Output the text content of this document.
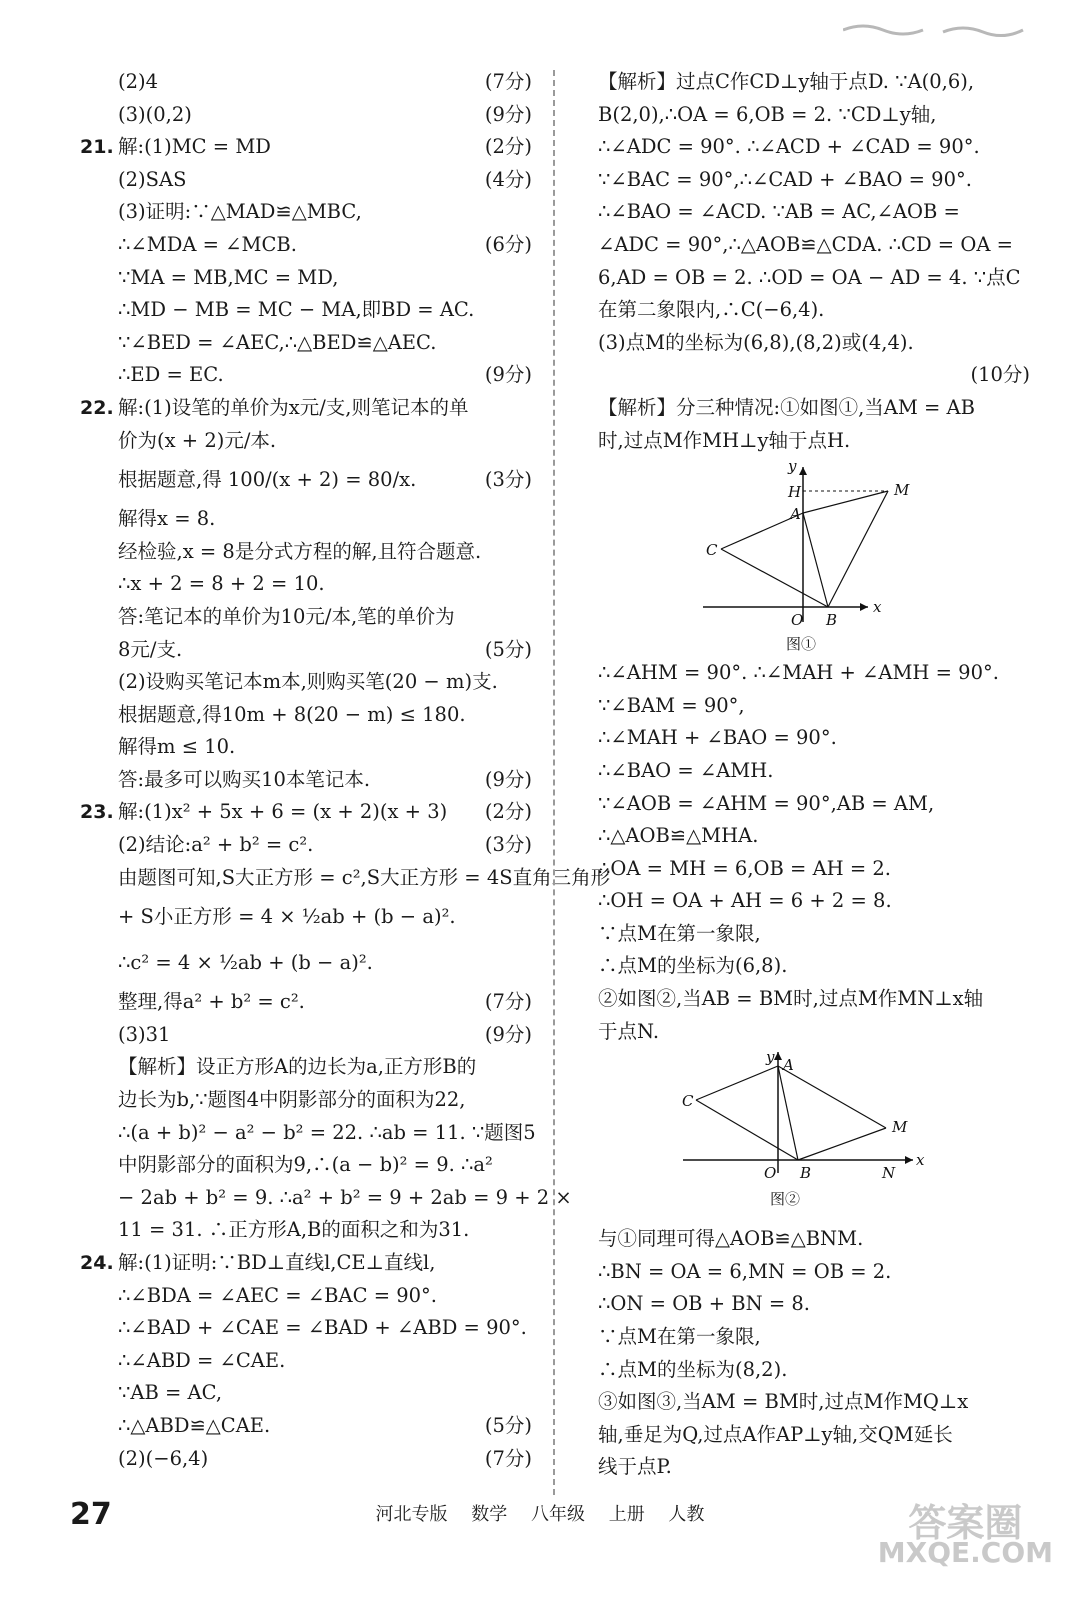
(2)4	(7分)
(3)(0,2)	(9分)
21. 解:(1)MC = MD	(2分)
(2)SAS	(4分)
(3)证明:∵△MAD≌△MBC,
∴∠MDA = ∠MCB.	(6分)
∵MA = MB,MC = MD,
∴MD − MB = MC − MA,即BD = AC.
∵∠BED = ∠AEC,∴△BED≌△AEC.
∴ED = EC.	(9分)
22. 解:(1)设笔的单价为x元/支,则笔记本的单
价为(x + 2)元/本.
根据题意,得 100/(x + 2) = 80/x.	(3分)
解得x = 8.
经检验,x = 8是分式方程的解,且符合题意.
∴x + 2 = 8 + 2 = 10.
答:笔记本的单价为10元/本,笔的单价为
8元/支.	(5分)
(2)设购买笔记本m本,则购买笔(20 − m)支.
根据题意,得10m + 8(20 − m) ≤ 180.
解得m ≤ 10.
答:最多可以购买10本笔记本.	(9分)
23. 解:(1)x² + 5x + 6 = (x + 2)(x + 3) (2分)
(2)结论:a² + b² = c².	(3分)
由题图可知,S大正方形 = c²,S大正方形 = 4S直角三角形
+ S小正方形 = 4 × ½ab + (b − a)².
∴c² = 4 × ½ab + (b − a)².
整理,得a² + b² = c².	(7分)
(3)31	(9分)
【解析】设正方形A的边长为a,正方形B的
边长为b,∵题图4中阴影部分的面积为22,
∴(a + b)² − a² − b² = 22. ∴ab = 11. ∵题图5
中阴影部分的面积为9,∴(a − b)² = 9. ∴a²
− 2ab + b² = 9. ∴a² + b² = 9 + 2ab = 9 + 2 ×
11 = 31. ∴正方形A,B的面积之和为31.
24. 解:(1)证明:∵BD⊥直线l,CE⊥直线l,
∴∠BDA = ∠AEC = ∠BAC = 90°.
∴∠BAD + ∠CAE = ∠BAD + ∠ABD = 90°.
∴∠ABD = ∠CAE.
∵AB = AC,
∴△ABD≌△CAE.	(5分)
(2)(−6,4)	(7分)
【解析】过点C作CD⊥y轴于点D. ∵A(0,6),
B(2,0),∴OA = 6,OB = 2. ∵CD⊥y轴,
∴∠ADC = 90°. ∴∠ACD + ∠CAD = 90°.
∵∠BAC = 90°,∴∠CAD + ∠BAO = 90°.
∴∠BAO = ∠ACD. ∵AB = AC,∠AOB =
∠ADC = 90°,∴△AOB≌△CDA. ∴CD = OA =
6,AD = OB = 2. ∴OD = OA − AD = 4. ∵点C
在第二象限内,∴C(−6,4).
(3)点M的坐标为(6,8),(8,2)或(4,4).
(10分)
【解析】分三种情况:①如图①,当AM = AB
时,过点M作MH⊥y轴于点H.
y
x
H
A
M
C
O B
图①
∴∠AHM = 90°. ∴∠MAH + ∠AMH = 90°.
∵∠BAM = 90°,
∴∠MAH + ∠BAO = 90°.
∴∠BAO = ∠AMH.
∵∠AOB = ∠AHM = 90°,AB = AM,
∴△AOB≌△MHA.
∴OA = MH = 6,OB = AH = 2.
∴OH = OA + AH = 6 + 2 = 8.
∵点M在第一象限,
∴点M的坐标为(6,8).
②如图②,当AB = BM时,过点M作MN⊥x轴
于点N.
y
x
A
M
C
O B	N
图②
与①同理可得△AOB≌△BNM.
∴BN = OA = 6,MN = OB = 2.
∴ON = OB + BN = 8.
∵点M在第一象限,
∴点M的坐标为(8,2).
③如图③,当AM = BM时,过点M作MQ⊥x
轴,垂足为Q,过点A作AP⊥y轴,交QM延长
线于点P.
27	河北专版 数学 八年级 上册 人教	答案圈
MXQE.COM
